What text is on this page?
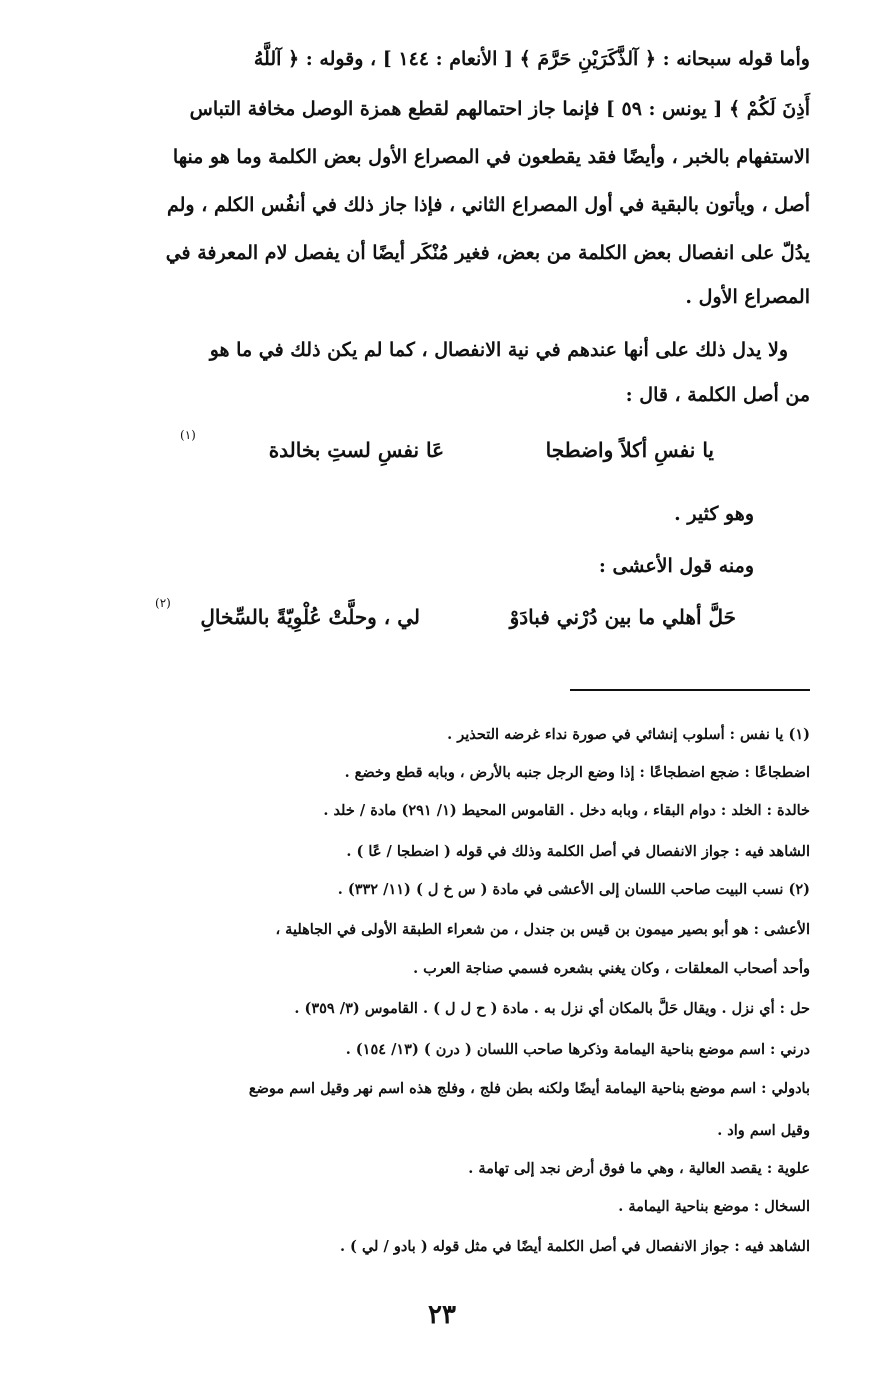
وأما قوله سبحانه : ﴿ آلذَّكَرَيْنِ حَرَّمَ ﴾ [ الأنعام : ١٤٤ ] ، وقوله : ﴿ آللَّهُ
أَذِنَ لَكُمْ ﴾ [ يونس : ٥٩ ] فإنما جاز احتمالهم لقطع همزة الوصل مخافة التباس
الاستفهام بالخبر ، وأيضًا فقد يقطعون في المصراع الأول بعض الكلمة وما هو منها
أصل ، ويأتون بالبقية في أول المصراع الثاني ، فإذا جاز ذلك في أنفُس الكلم ، ولم
يدُلّ على انفصال بعض الكلمة من بعض، فغير مُنْكَر أيضًا أن يفصل لام المعرفة في
المصراع الأول .
ولا يدل ذلك على أنها عندهم في نية الانفصال ، كما لم يكن ذلك في ما هو
من أصل الكلمة ، قال :
يا نفسِ أكلاً واضطجا
عَا نفسِ لستِ بخالدة
(١)
وهو كثير .
ومنه قول الأعشى :
حَلَّ أهلي ما بين دُرْني فبادَوْ
لي ، وحلَّتْ عُلْوِيّةً بالسِّخالِ
(٢)
(١) يا نفس : أسلوب إنشائي في صورة نداء غرضه التحذير .
اضطجاعًا : ضجع اضطجاعًا : إذا وضع الرجل جنبه بالأرض ، وبابه قطع وخضع .
خالدة : الخلد : دوام البقاء ، وبابه دخل . القاموس المحيط (١/ ٢٩١) مادة / خلد .
الشاهد فيه : جواز الانفصال في أصل الكلمة وذلك في قوله ( اضطجا / عًا ) .
(٢) نسب البيت صاحب اللسان إلى الأعشى في مادة ( س خ ل ) (١١/ ٣٣٢) .
الأعشى : هو أبو بصير ميمون بن قيس بن جندل ، من شعراء الطبقة الأولى في الجاهلية ،
وأحد أصحاب المعلقات ، وكان يغني بشعره فسمي صناجة العرب .
حل : أي نزل . ويقال حَلَّ بالمكان أي نزل به . مادة ( ح ل ل ) . القاموس (٣/ ٣٥٩) .
درني : اسم موضع بناحية اليمامة وذكرها صاحب اللسان ( درن ) (١٣/ ١٥٤) .
بادولي : اسم موضع بناحية اليمامة أيضًا ولكنه بطن فلج ، وفلج هذه اسم نهر وقيل اسم موضع
وقيل اسم واد .
علوية : يقصد العالية ، وهي ما فوق أرض نجد إلى تهامة .
السخال : موضع بناحية اليمامة .
الشاهد فيه : جواز الانفصال في أصل الكلمة أيضًا في مثل قوله ( بادو / لي ) .
٢٣
